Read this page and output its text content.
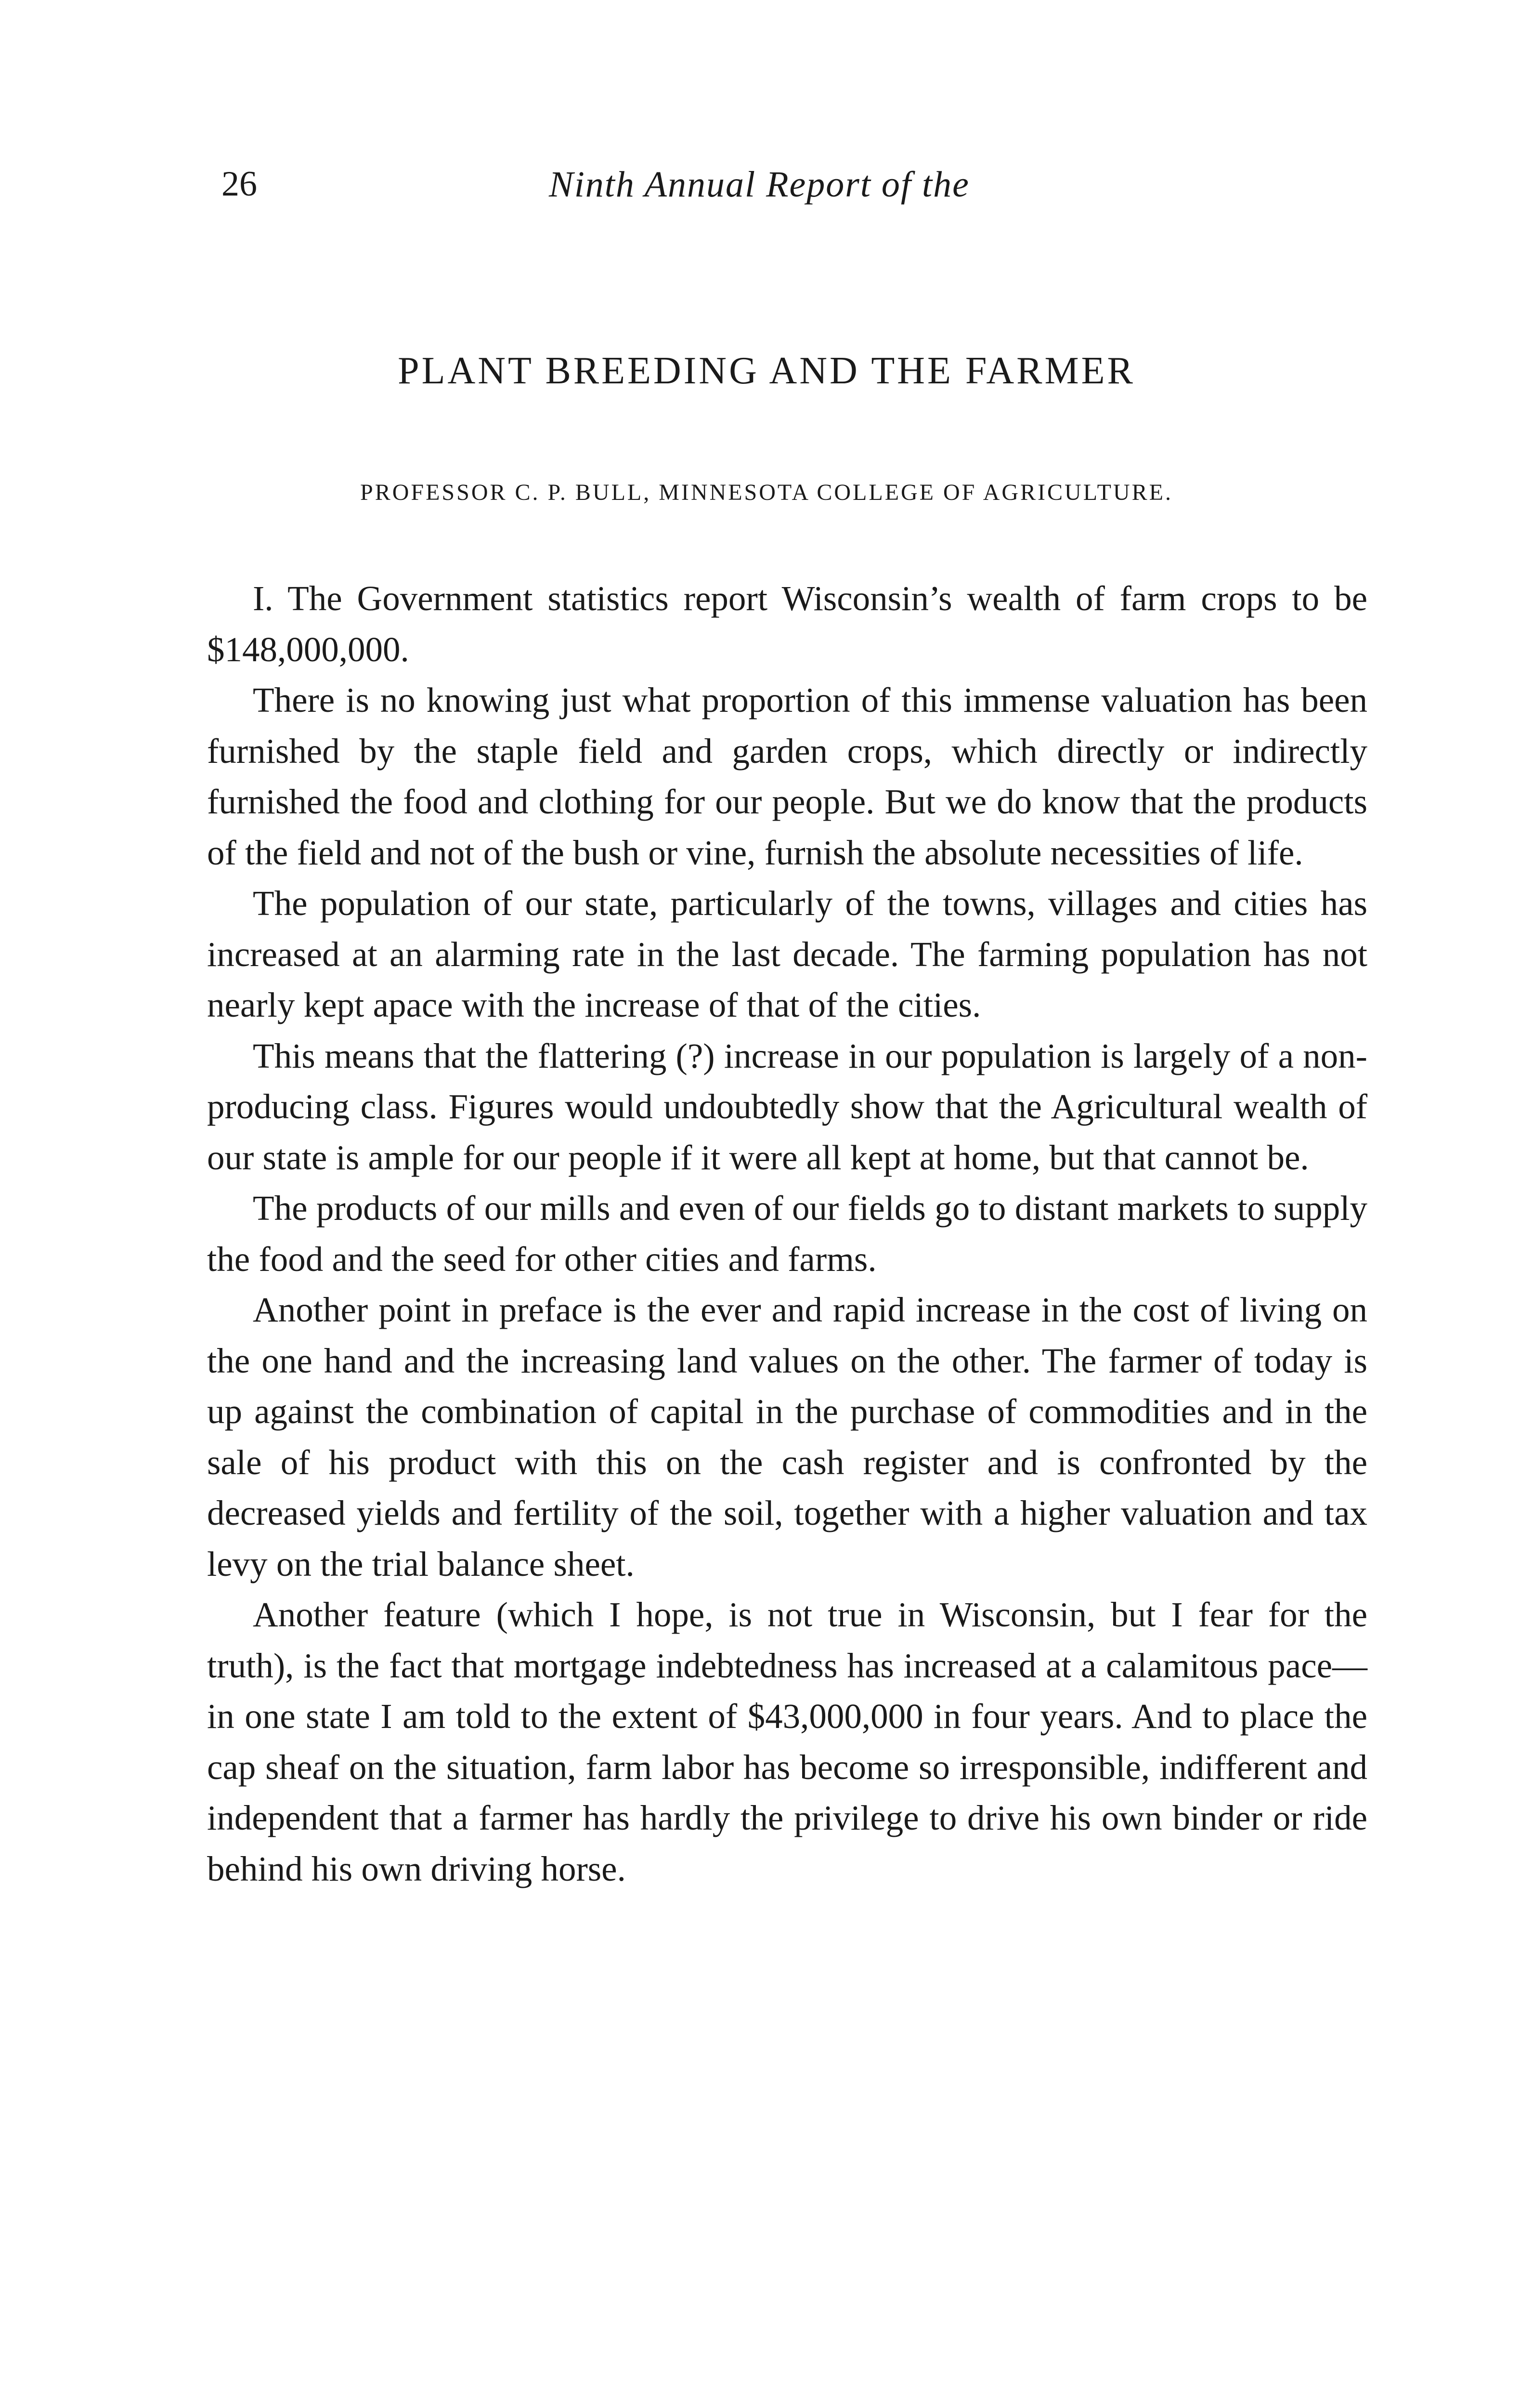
26	Ninth Annual Report of the
PLANT BREEDING AND THE FARMER
PROFESSOR C. P. BULL, MINNESOTA COLLEGE OF AGRICULTURE.

I. The Government statistics report Wisconsin’s wealth of farm crops to be $148,000,000.

There is no knowing just what proportion of this immense valuation has been furnished by the staple field and garden crops, which directly or indirectly furnished the food and clothing for our people. But we do know that the products of the field and not of the bush or vine, furnish the absolute necessities of life.

The population of our state, particularly of the towns, villages and cities has increased at an alarming rate in the last decade. The farming population has not nearly kept apace with the increase of that of the cities.

This means that the flattering (?) increase in our population is largely of a non-producing class. Figures would undoubtedly show that the Agricultural wealth of our state is ample for our people if it were all kept at home, but that cannot be.

The products of our mills and even of our fields go to distant markets to supply the food and the seed for other cities and farms.

Another point in preface is the ever and rapid increase in the cost of living on the one hand and the increasing land values on the other. The farmer of today is up against the combination of capital in the purchase of commodities and in the sale of his product with this on the cash register and is confronted by the decreased yields and fertility of the soil, together with a higher valuation and tax levy on the trial balance sheet.

Another feature (which I hope, is not true in Wisconsin, but I fear for the truth), is the fact that mortgage indebtedness has increased at a calamitous pace—in one state I am told to the extent of $43,000,000 in four years. And to place the cap sheaf on the situation, farm labor has become so irresponsible, indifferent and independent that a farmer has hardly the privilege to drive his own binder or ride behind his own driving horse.
